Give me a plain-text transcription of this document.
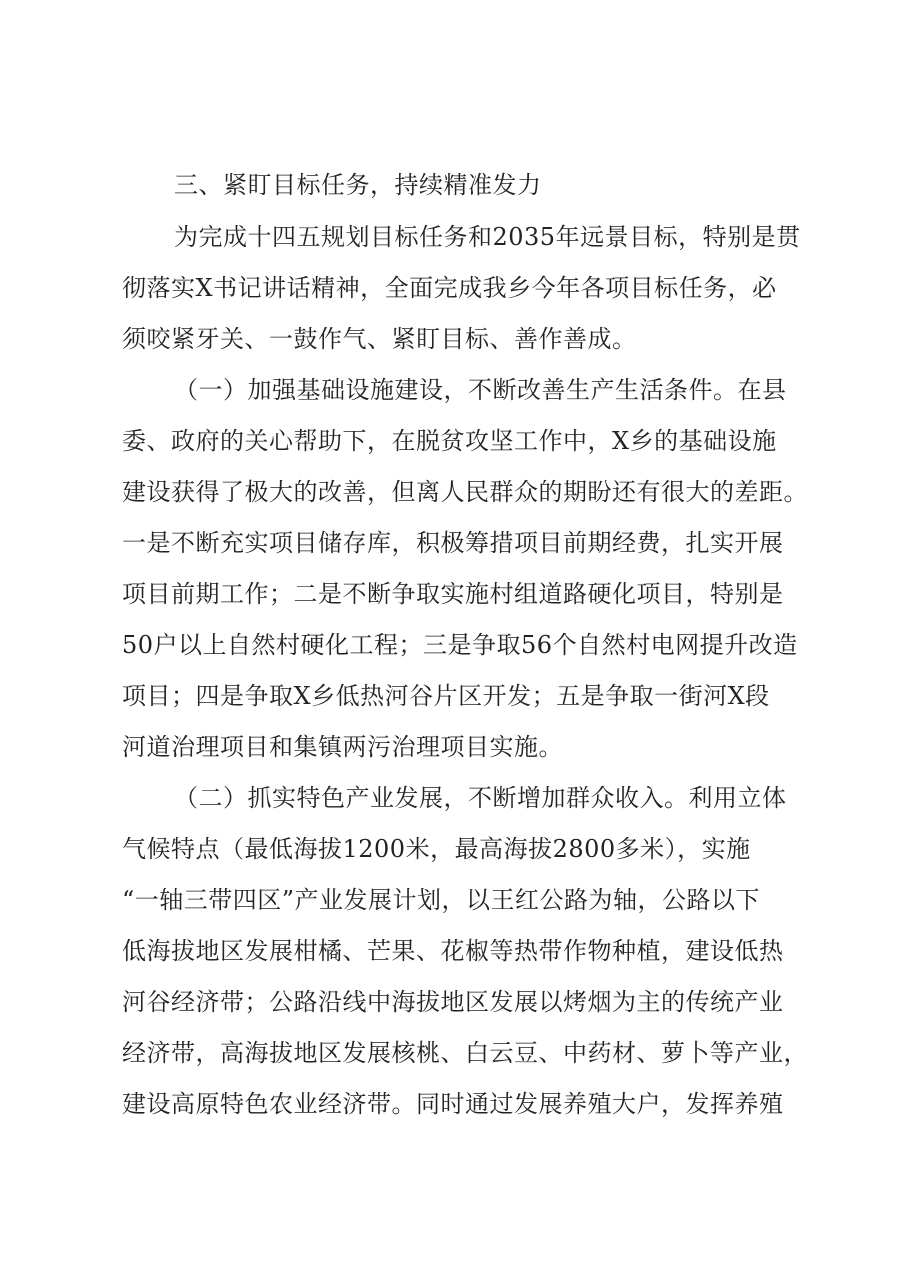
三、紧盯目标任务，持续精准发力
为完成十四五规划目标任务和2035年远景目标，特别是贯
彻落实X书记讲话精神，全面完成我乡今年各项目标任务，必
须咬紧牙关、一鼓作气、紧盯目标、善作善成。
（一）加强基础设施建设，不断改善生产生活条件。在县
委、政府的关心帮助下，在脱贫攻坚工作中，X乡的基础设施
建设获得了极大的改善，但离人民群众的期盼还有很大的差距。
一是不断充实项目储存库，积极筹措项目前期经费，扎实开展
项目前期工作；二是不断争取实施村组道路硬化项目，特别是
50户以上自然村硬化工程；三是争取56个自然村电网提升改造
项目；四是争取X乡低热河谷片区开发；五是争取一街河X段
河道治理项目和集镇两污治理项目实施。
（二）抓实特色产业发展，不断增加群众收入。利用立体
气候特点（最低海拔1200米，最高海拔2800多米），实施
“一轴三带四区”产业发展计划，以王红公路为轴，公路以下
低海拔地区发展柑橘、芒果、花椒等热带作物种植，建设低热
河谷经济带；公路沿线中海拔地区发展以烤烟为主的传统产业
经济带，高海拔地区发展核桃、白云豆、中药材、萝卜等产业，
建设高原特色农业经济带。同时通过发展养殖大户，发挥养殖
